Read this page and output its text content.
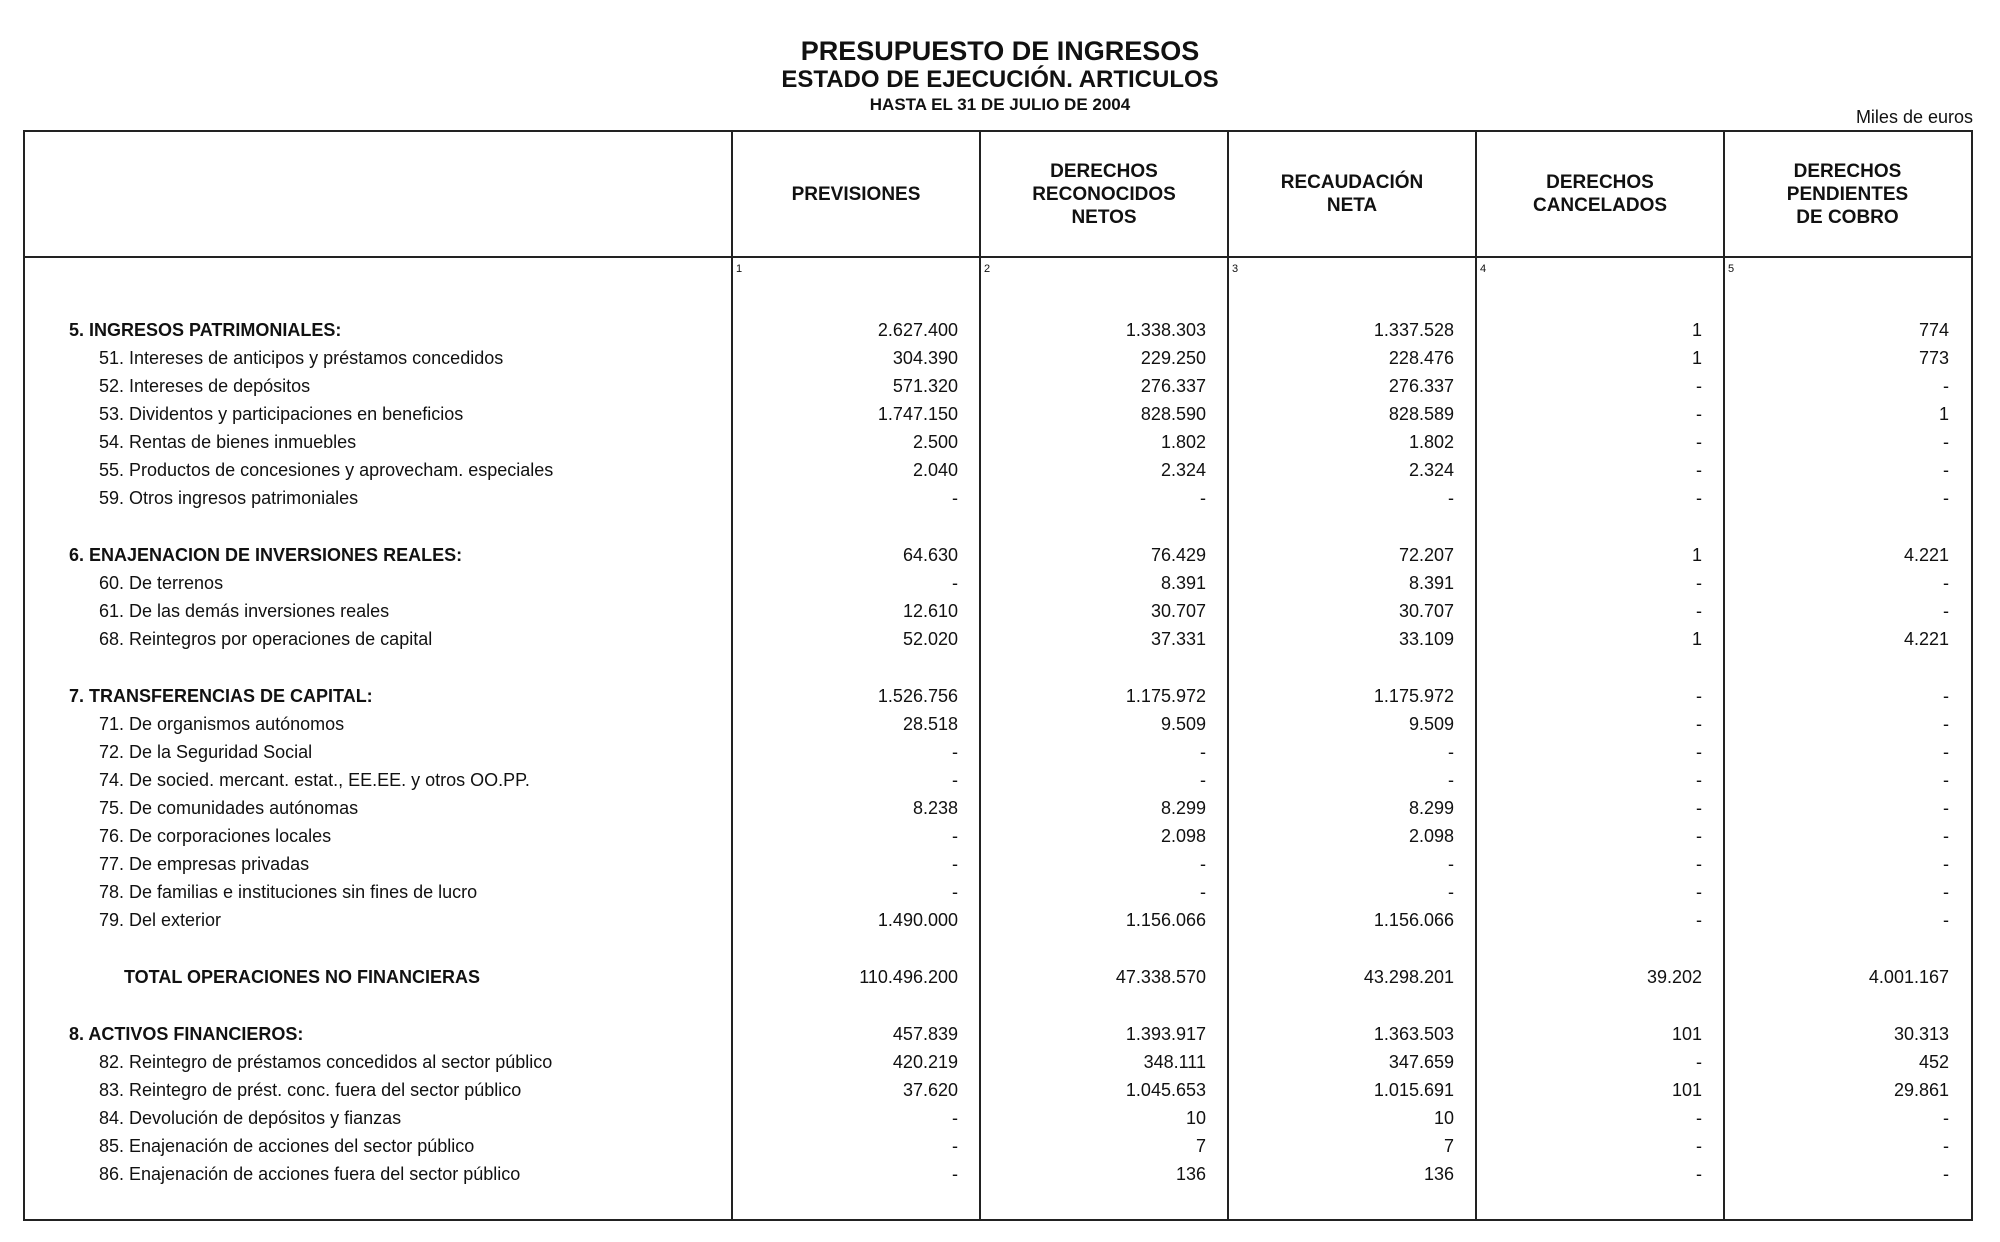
PRESUPUESTO DE INGRESOS
ESTADO DE EJECUCIÓN. ARTICULOS
HASTA EL 31 DE JULIO DE 2004
Miles de euros
PREVISIONES
1
DERECHOS
RECONOCIDOS
NETOS
2
RECAUDACIÓN
NETA
3
DERECHOS
CANCELADOS
4
DERECHOS
PENDIENTES
DE COBRO
5
5. INGRESOS PATRIMONIALES:	2.627.400	1.338.303	1.337.528	1	774
51. Intereses de anticipos y préstamos concedidos	304.390	229.250	228.476	1	773
52. Intereses de depósitos	571.320	276.337	276.337	-	-
53. Dividentos y participaciones en beneficios	1.747.150	828.590	828.589	-	1
54. Rentas de bienes inmuebles	2.500	1.802	1.802	-	-
55. Productos de concesiones y aprovecham. especiales	2.040	2.324	2.324	-	-
59. Otros ingresos patrimoniales	-	-	-	-	-
6. ENAJENACION DE INVERSIONES REALES:	64.630	76.429	72.207	1	4.221
60. De terrenos	-	8.391	8.391	-	-
61. De las demás inversiones reales	12.610	30.707	30.707	-	-
68. Reintegros por operaciones de capital	52.020	37.331	33.109	1	4.221
7. TRANSFERENCIAS DE CAPITAL:	1.526.756	1.175.972	1.175.972	-	-
71. De organismos autónomos	28.518	9.509	9.509	-	-
72. De la Seguridad Social	-	-	-	-	-
74. De socied. mercant. estat., EE.EE. y otros OO.PP.	-	-	-	-	-
75. De comunidades autónomas	8.238	8.299	8.299	-	-
76. De corporaciones locales	-	2.098	2.098	-	-
77. De empresas privadas	-	-	-	-	-
78. De familias e instituciones sin fines de lucro	-	-	-	-	-
79. Del exterior	1.490.000	1.156.066	1.156.066	-	-
TOTAL OPERACIONES NO FINANCIERAS	110.496.200	47.338.570	43.298.201	39.202	4.001.167
8. ACTIVOS FINANCIEROS:	457.839	1.393.917	1.363.503	101	30.313
82. Reintegro de préstamos concedidos al sector público	420.219	348.111	347.659	-	452
83. Reintegro de prést. conc. fuera del sector público	37.620	1.045.653	1.015.691	101	29.861
84. Devolución de depósitos y fianzas	-	10	10	-	-
85. Enajenación de acciones del sector público	-	7	7	-	-
86. Enajenación de acciones fuera del sector público	-	136	136	-	-
